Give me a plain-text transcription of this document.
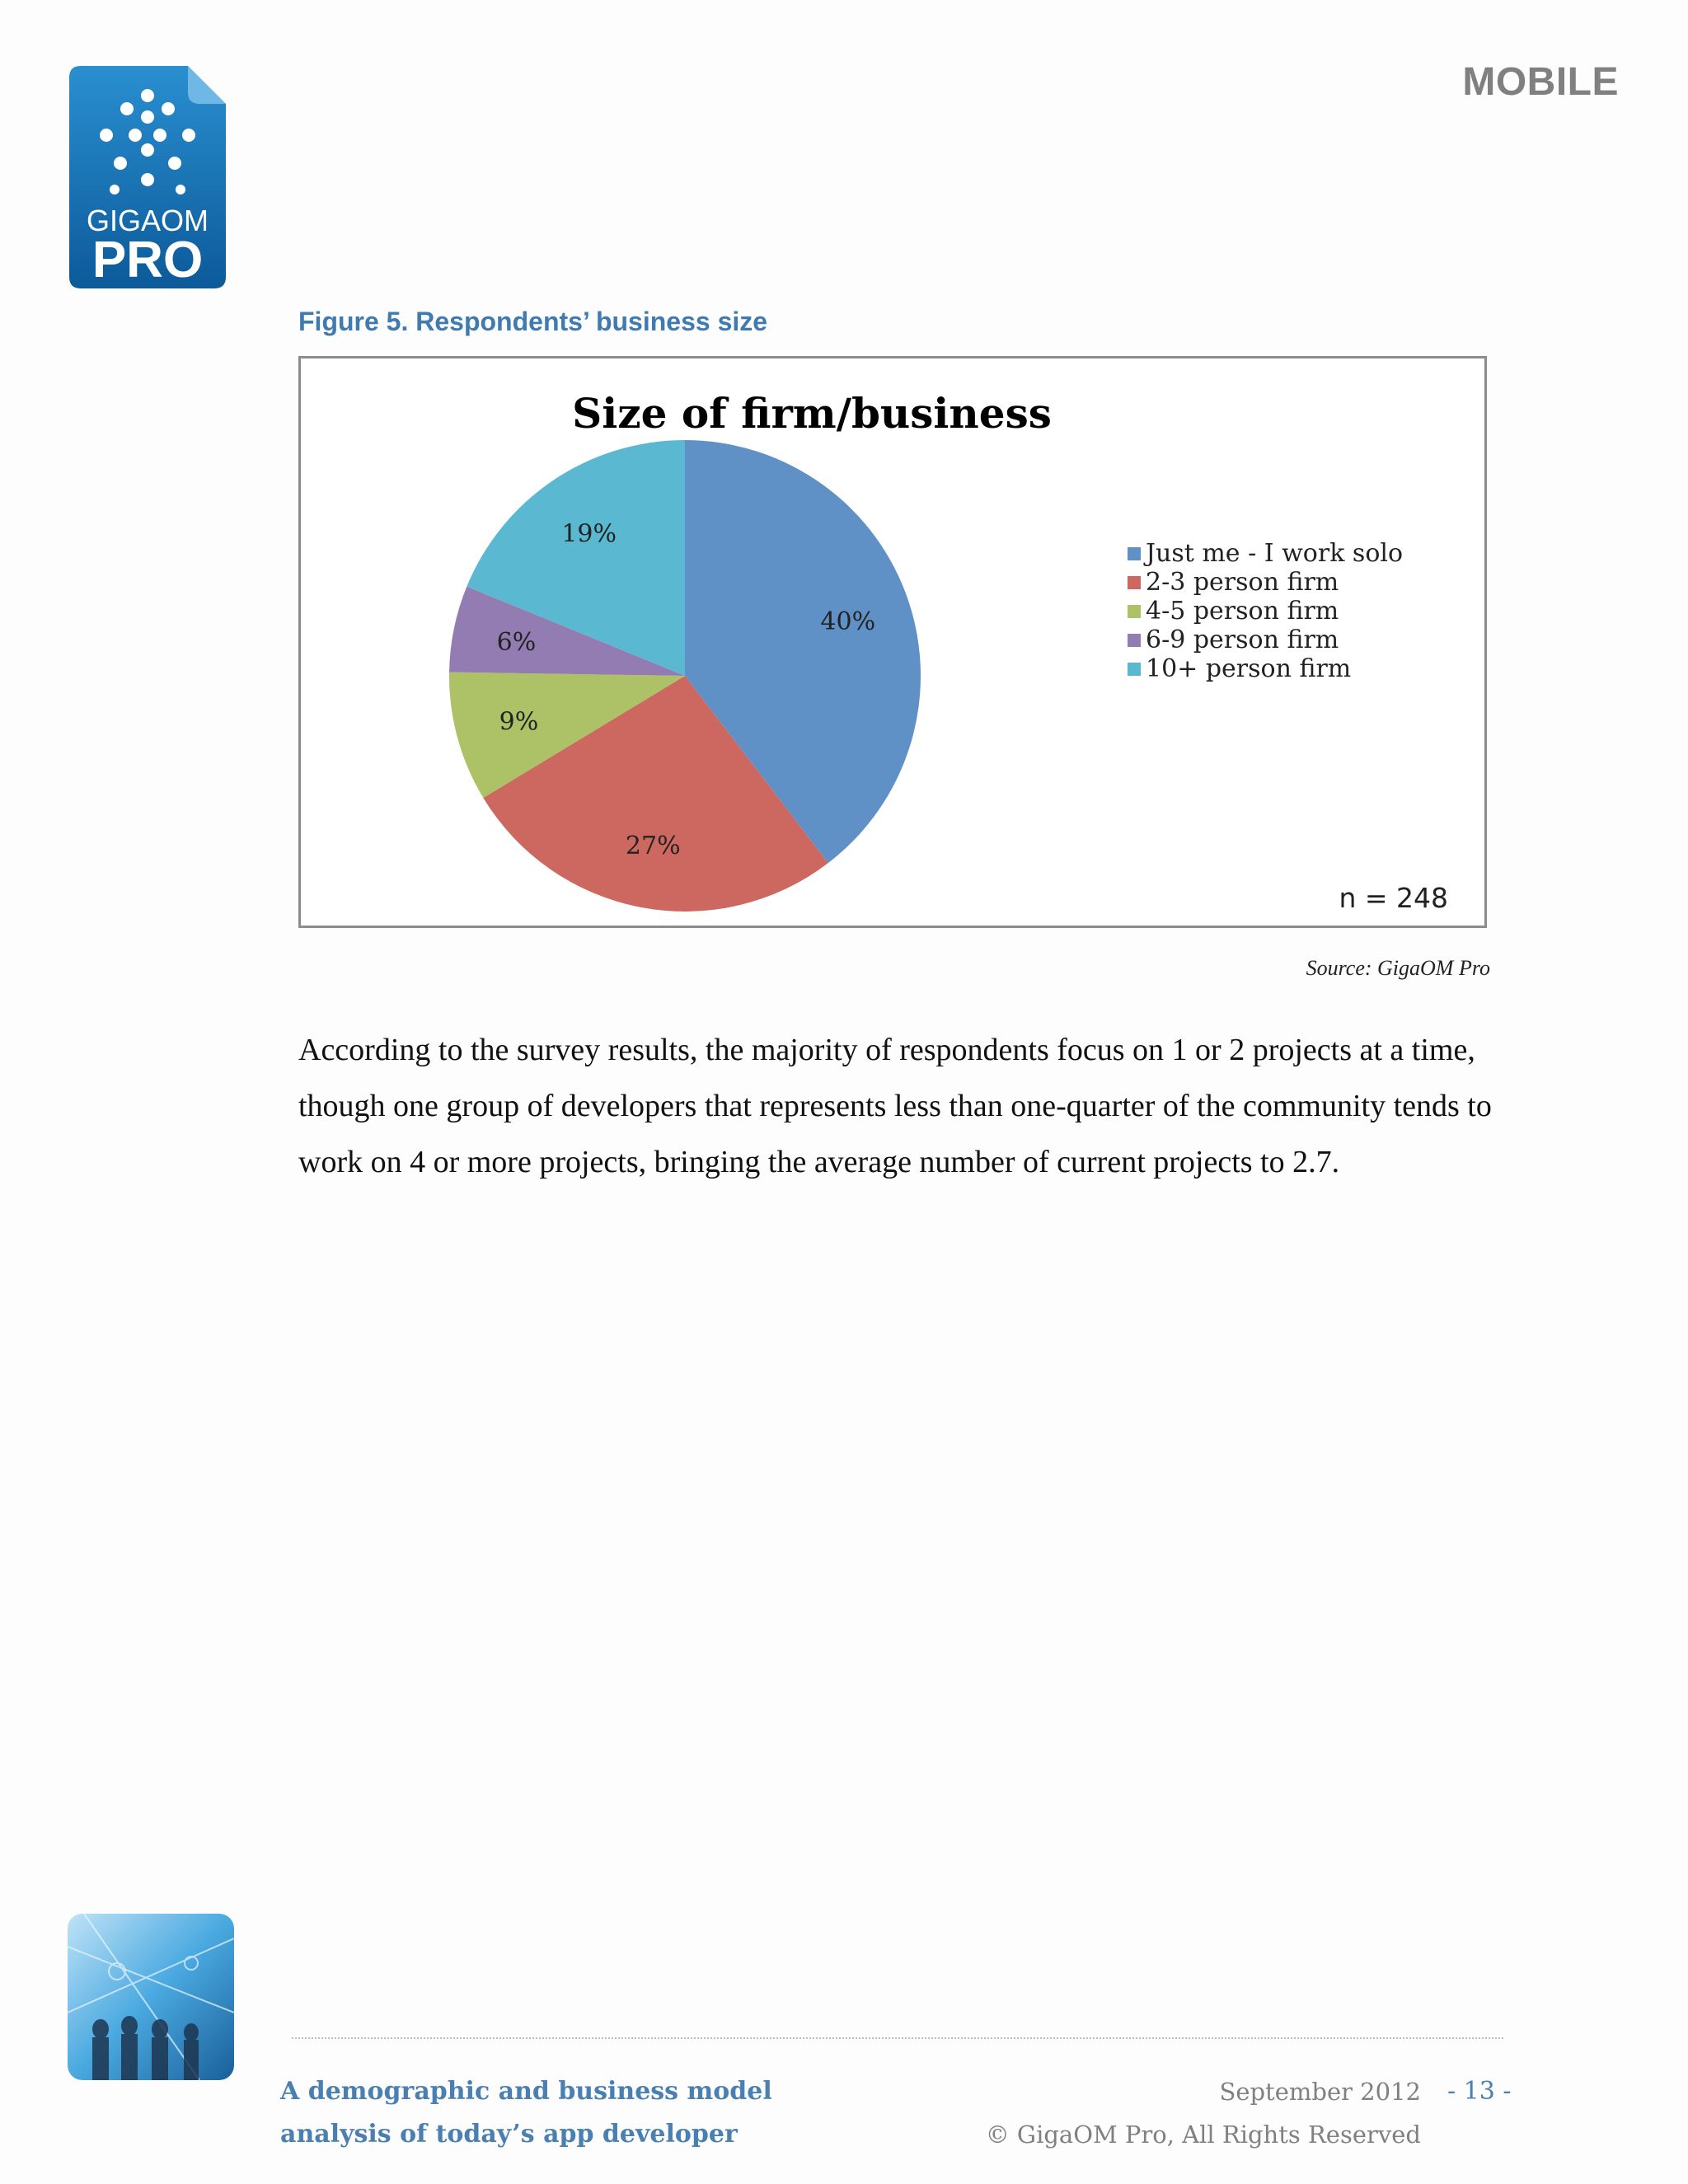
GIGAOM
PRO
MOBILE
Figure 5. Respondents’ business size
Size of firm/business
40%
27%
9%
6%
19%
Just me - I work solo
2-3 person firm
4-5 person firm
6-9 person firm
10+ person firm
n = 248
Source: GigaOM Pro
According to the survey results, the majority of respondents focus on 1 or 2 projects at a time, though one group of developers that represents less than one-quarter of the community tends to work on 4 or more projects, bringing the average number of current projects to 2.7.
A demographic and business model
analysis of today’s app developer
September 2012
© GigaOM Pro, All Rights Reserved
- 13 -
